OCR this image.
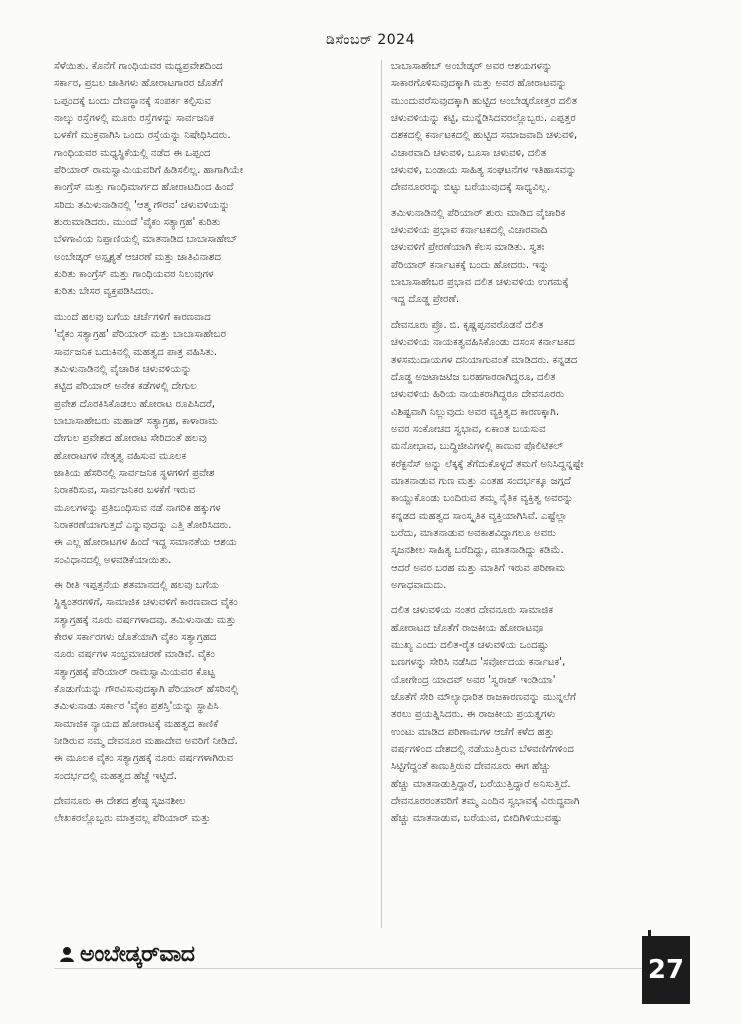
ಡಿಸೆಂಬರ್ 2024
ಸೆಳೆಯಿತು. ಕೊನೆಗೆ ಗಾಂಧಿಯವರ ಮಧ್ಯಪ್ರವೇಶದಿಂದ
ಸರ್ಕಾರ, ಪ್ರಬಲ ಜಾತಿಗಳು ಹೋರಾಟಗಾರರ ಜೊತೆಗೆ
ಒಪ್ಪಂದಕ್ಕೆ ಬಂದು ದೇವಸ್ಥಾನಕ್ಕೆ ಸಂಪರ್ಕ ಕಲ್ಪಿಸುವ
ನಾಲ್ಕು ರಸ್ತೆಗಳಲ್ಲಿ ಮೂರು ರಸ್ತೆಗಳನ್ನು ಸಾರ್ವಜನಿಕ
ಬಳಕೆಗೆ ಮುಕ್ತವಾಗಿಸಿ ಒಂದು ರಸ್ತೆಯನ್ನು ನಿಷೇಧಿಸಿದರು.
ಗಾಂಧಿಯವರ ಮಧ್ಯಸ್ಥಿಕೆಯಲ್ಲಿ ನಡೆದ ಈ ಒಪ್ಪಂದ
ಪೆರಿಯಾರ್ ರಾಮಸ್ವಾಮಿಯವರಿಗೆ ಹಿಡಿಸಲಿಲ್ಲ. ಹಾಗಾಗಿಯೇ
ಕಾಂಗ್ರೆಸ್ ಮತ್ತು ಗಾಂಧಿಮಾರ್ಗದ ಹೋರಾಟದಿಂದ ಹಿಂದೆ
ಸರಿದು ತಮಿಳುನಾಡಿನಲ್ಲಿ 'ಆತ್ಮ ಗೌರವ' ಚಳುವಳಿಯನ್ನು
ಶುರುಮಾಡಿದರು. ಮುಂದೆ 'ವೈಕಂ ಸತ್ಯಾಗ್ರಹ' ಕುರಿತು
ಬೆಳಗಾವಿಯ ನಿಪ್ಪಾಣಿಯಲ್ಲಿ ಮಾತನಾಡಿದ ಬಾಬಾಸಾಹೇಬ್
ಅಂಬೇಡ್ಕರ್ ಅಸ್ಪೃಶ್ಯತೆ ಆಚರಣೆ ಮತ್ತು ಜಾತಿವಿನಾಶದ
ಕುರಿತು ಕಾಂಗ್ರೆಸ್ ಮತ್ತು ಗಾಂಧಿಯವರ ನಿಲುವುಗಳ
ಕುರಿತು ಬೇಸರ ವ್ಯಕ್ತಪಡಿಸಿದರು.
ಮುಂದೆ ಹಲವು ಬಗೆಯ ಚರ್ಚೆಗಳಿಗೆ ಕಾರಣವಾದ
'ವೈಕಂ ಸತ್ಯಾಗ್ರಹ' ಪೆರಿಯಾರ್ ಮತ್ತು ಬಾಬಾಸಾಹೇಬರ
ಸಾರ್ವಜನಿಕ ಬದುಕಿನಲ್ಲಿ ಮಹತ್ವದ ಪಾತ್ರ ವಹಿಸಿತು.
ತಮಿಳುನಾಡಿನಲ್ಲಿ ವೈಚಾರಿಕ ಚಳುವಳಿಯನ್ನು
ಕಟ್ಟಿದ ಪೆರಿಯಾರ್ ಅನೇಕ ಕಡೆಗಳಲ್ಲಿ ದೇಗುಲ
ಪ್ರವೇಶ ದೊರಕಿಸಿಕೊಡಲು ಹೋರಾಟ ರೂಪಿಸಿದರೆ,
ಬಾಬಾಸಾಹೇಬರು ಮಹಾಡ್ ಸತ್ಯಾಗ್ರಹ, ಕಾಳಾರಾಮ
ದೇಗುಲ ಪ್ರವೇಶದ ಹೋರಾಟ ಸೇರಿದಂತೆ ಹಲವು
ಹೋರಾಟಗಳ ನೇತೃತ್ವ ವಹಿಸುವ ಮೂಲಕ
ಜಾತಿಯ ಹೆಸರಿನಲ್ಲಿ ಸಾರ್ವಜನಿಕ ಸ್ಥಳಗಳಿಗೆ ಪ್ರವೇಶ
ನಿರಾಕರಿಸುವ, ಸಾರ್ವಜನಿಕರ ಬಳಕೆಗೆ ಇರುವ
ಮೂಲಗಳನ್ನು ಪ್ರತಿಬಂಧಿಸುವ ನಡೆ ನಾಗರಿಕ ಹಕ್ಕುಗಳ
ನಿರಾಕರಣೆಯಾಗುತ್ತದೆ ಎನ್ನುವುದನ್ನು ಎತ್ತಿ ತೋರಿಸಿದರು.
ಈ ಎಲ್ಲ ಹೋರಾಟಗಳ ಹಿಂದೆ ಇದ್ದ ಸಮಾನತೆಯ ಆಶಯ
ಸಂವಿಧಾನದಲ್ಲಿ ಅಳವಡಿಕೆಯಾಯಿತು.
ಈ ರೀತಿ ಇಪ್ಪತ್ತನೆಯ ಶತಮಾನದಲ್ಲಿ ಹಲವು ಬಗೆಯ
ಸ್ಥಿತ್ಯಂತರಗಳಿಗೆ, ಸಾಮಾಜಿಕ ಚಳುವಳಿಗೆ ಕಾರಣವಾದ ವೈಕಂ
ಸತ್ಯಾಗ್ರಹಕ್ಕೆ ನೂರು ವರ್ಷಗಳಾದವು. ತಮಿಳುನಾಡು ಮತ್ತು
ಕೇರಳ ಸರ್ಕಾರಗಳು ಜೊತೆಯಾಗಿ ವೈಕಂ ಸತ್ಯಾಗ್ರಹದ
ನೂರು ವರ್ಷಗಳ ಸಂಭ್ರಮಾಚರಣೆ ಮಾಡಿವೆ. ವೈಕಂ
ಸತ್ಯಾಗ್ರಹಕ್ಕೆ ಪೆರಿಯಾರ್ ರಾಮಸ್ವಾಮಿಯವರ ಕೊಟ್ಟ
ಕೊಡುಗೆಯನ್ನು ಗೌರವಿಸುವುದಕ್ಕಾಗಿ ಪೆರಿಯಾರ್ ಹೆಸರಿನಲ್ಲಿ
ತಮಿಳುನಾಡು ಸರ್ಕಾರ 'ವೈಕಂ ಪ್ರಶಸ್ತಿ'ಯನ್ನು ಸ್ಥಾಪಿಸಿ
ಸಾಮಾಜಿಕ ನ್ಯಾಯದ ಹೋರಾಟಕ್ಕೆ ಮಹತ್ವದ ಕಾಣಿಕೆ
ನೀಡಿರುವ ನಮ್ಮ ದೇವನೂರ ಮಹಾದೇವ ಅವರಿಗೆ ನೀಡಿದೆ.
ಈ ಮೂಲಕ ವೈಕಂ ಸತ್ಯಾಗ್ರಹಕ್ಕೆ ನೂರು ವರ್ಷಗಳಾಗಿರುವ
ಸಂದರ್ಭದಲ್ಲಿ ಮಹತ್ವದ ಹೆಜ್ಜೆ ಇಟ್ಟಿದೆ.
ದೇವನೂರು ಈ ದೇಶದ ಶ್ರೇಷ್ಠ ಸೃಜನಶೀಲ
ಲೇಖಕರಲ್ಲೊಬ್ಬರು ಮಾತ್ರವಲ್ಲ ಪೆರಿಯಾರ್ ಮತ್ತು
ಬಾಬಾಸಾಹೇಬ್ ಅಂಬೇಡ್ಕರ್ ಅವರ ಆಶಯಗಳನ್ನು
ಸಾಕಾರಗೊಳಿಸುವುದಕ್ಕಾಗಿ ಮತ್ತು ಅವರ ಹೋರಾಟವನ್ನು
ಮುಂದುವರೆಸುವುದಕ್ಕಾಗಿ ಹುಟ್ಟಿದ ಅಂಬೇಡ್ಕರೋತ್ತರ ದಲಿತ
ಚಳುವಳಿಯನ್ನು ಕಟ್ಟಿ, ಮುನ್ನೆಡಿಸಿದವರಲ್ಲೊಬ್ಬರು. ಎಪ್ಪತ್ತರ
ದಶಕದಲ್ಲಿ ಕರ್ನಾಟಕದಲ್ಲಿ ಹುಟ್ಟಿದ ಸಮಾಜವಾದಿ ಚಳುವಳಿ,
ವಿಚಾರವಾದಿ ಚಳುವಳಿ, ಬೂಸಾ ಚಳುವಳಿ, ದಲಿತ
ಚಳುವಳಿ, ಬಂಡಾಯ ಸಾಹಿತ್ಯ ಸಂಘಟನೆಗಳ ಇತಿಹಾಸವನ್ನು
ದೇವನೂರರನ್ನು ಬಿಟ್ಟು ಬರೆಯುವುದಕ್ಕೆ ಸಾಧ್ಯವಿಲ್ಲ.
ತಮಿಳುನಾಡಿನಲ್ಲಿ ಪೆರಿಯಾರ್ ಶುರು ಮಾಡಿದ ವೈಚಾರಿಕ
ಚಳುವಳಿಯ ಪ್ರಭಾವ ಕರ್ನಾಟಕದಲ್ಲಿ ವಿಚಾರವಾದಿ
ಚಳುವಳಿಗೆ ಪ್ರೇರಣೆಯಾಗಿ ಕೆಲಸ ಮಾಡಿತು. ಸ್ವತಃ
ಪೆರಿಯಾರ್ ಕರ್ನಾಟಕಕ್ಕೆ ಬಂದು ಹೋದರು. ಇನ್ನು
ಬಾಬಾಸಾಹೇಬರ ಪ್ರಭಾವ ದಲಿತ ಚಳುವಳಿಯ ಉಗಮಕ್ಕೆ
ಇದ್ದ ದೊಡ್ಡ ಪ್ರೇರಣೆ.
ದೇವನೂರು ಪ್ರೊ. ಬಿ. ಕೃಷ್ಣಪ್ಪನವರೊಡನೆ ದಲಿತ
ಚಳುವಳಿಯ ನಾಯಕತ್ವವಹಿಸಿಕೊಂಡು ದಸಂಸ ಕರ್ನಾಟಕದ
ತಳಸಮುದಾಯಗಳ ದನಿಯಾಗುವಂತೆ ಮಾಡಿದರು. ಕನ್ನಡದ
ದೊಡ್ಡ ಅಜಟಾಜಟಿಜ ಬರಹಗಾರರಾಗಿದ್ದರೂ, ದಲಿತ
ಚಳುವಳಿಯ ಹಿರಿಯ ನಾಯಕರಾಗಿದ್ದರೂ ದೇವನೂರರು
ವಿಶಿಷ್ಟವಾಗಿ ನಿಲ್ಲುವುದು ಅವರ ವ್ಯಕ್ತಿತ್ವದ ಕಾರಣಕ್ಕಾಗಿ.
ಅವರ ಸಂಕೋಚದ ಸ್ವಭಾವ, ಏಕಾಂತ ಬಯಸುವ
ಮನೋಭಾವ, ಬುದ್ಧಿಜೀವಿಗಳಲ್ಲಿ ಕಾಣುವ ಪೊಲಿಟಿಕಲ್
ಕರೆಕ್ಟನೆಸ್ ಅನ್ನು ಲೆಕ್ಕಕ್ಕೆ ತೆಗೆದುಕೊಳ್ಳದೆ ತಮಗೆ ಅನಿಸಿದ್ದನ್ನಷ್ಟೇ
ಮಾತನಾಡುವ ಗುಣ ಮತ್ತು ಎಂತಹ ಸಂದರ್ಭಕ್ಕೂ ಜಗ್ಗದೆ
ಕಾಯ್ದುಕೊಂಡು ಬಂದಿರುವ ತಮ್ಮ ನೈತಿಕ ವ್ಯಕ್ತಿತ್ವ ಅವರನ್ನು
ಕನ್ನಡದ ಮಹತ್ವದ ಸಾಂಸ್ಕೃತಿಕ ವ್ಯಕ್ತಿಯಾಗಿಸಿವೆ. ಎಷ್ಟೆಲ್ಲಾ
ಬರೆದು, ಮಾತನಾಡುವ ಅವಕಾಶವಿದ್ದಾಗಲೂ ಅವರು
ಸೃಜನಶೀಲ ಸಾಹಿತ್ಯ ಬರೆದಿದ್ದು, ಮಾತನಾಡಿದ್ದು ಕಡಿಮೆ.
ಆದರೆ ಅವರ ಬರಹ ಮತ್ತು ಮಾತಿಗೆ ಇರುವ ಪರಿಣಾಮ
ಅಗಾಧವಾದುದು.
ದಲಿತ ಚಳುವಳಿಯ ನಂತರ ದೇವನೂರು ಸಾಮಾಜಿಕ
ಹೋರಾಟದ ಜೊತೆಗೆ ರಾಜಕೀಯ ಹೋರಾಟವೂ
ಮುಖ್ಯ ಎಂದು ದಲಿತ-ರೈತ ಚಳುವಳಿಯ ಒಂದಷ್ಟು
ಬಣಗಳನ್ನು ಸೇರಿಸಿ ನಡೆಸಿದ 'ಸರ್ವೋದಯ ಕರ್ನಾಟಕ',
ಯೋಗೇಂದ್ರ ಯಾದವ್ ಅವರ 'ಸ್ವರಾಜ್ ಇಂಡಿಯಾ'
ಜೊತೆಗೆ ಸೇರಿ ಮೌಲ್ಯಾಧಾರಿತ ರಾಜಕಾರಣವನ್ನು ಮುನ್ನಲೆಗೆ
ತರಲು ಪ್ರಯತ್ನಿಸಿದರು. ಈ ರಾಜಕೀಯ ಪ್ರಯತ್ನಗಳು
ಉಂಟು ಮಾಡಿದ ಪರಿಣಾಮಗಳ ಆಚೆಗೆ ಕಳೆದ ಹತ್ತು
ವರ್ಷಗಳಿಂದ ದೇಶದಲ್ಲಿ ನಡೆಯುತ್ತಿರುವ ಬೆಳವಣಿಗೆಗಳಿಂದ
ಸಿಟ್ಟಿಗೆದ್ದಂತೆ ಕಾಣುತ್ತಿರುವ ದೇವನೂರು ಈಗ ಹೆಚ್ಚು
ಹೆಚ್ಚು ಮಾತನಾಡುತ್ತಿದ್ದಾರೆ, ಬರೆಯುತ್ತಿದ್ದಾರೆ ಅನಿಸುತ್ತಿದೆ.
ದೇವನೂರರಂತವರಿಗೆ ತಮ್ಮ ಎಂದಿನ ಸ್ವಭಾವಕ್ಕೆ ವಿರುದ್ಧವಾಗಿ
ಹೆಚ್ಚು ಮಾತನಾಡುವ, ಬರೆಯುವ, ಬೀದಿಗಿಳಿಯುವಷ್ಟು
ಅಂಬೇಡ್ಕರ್‌ವಾದ
27
